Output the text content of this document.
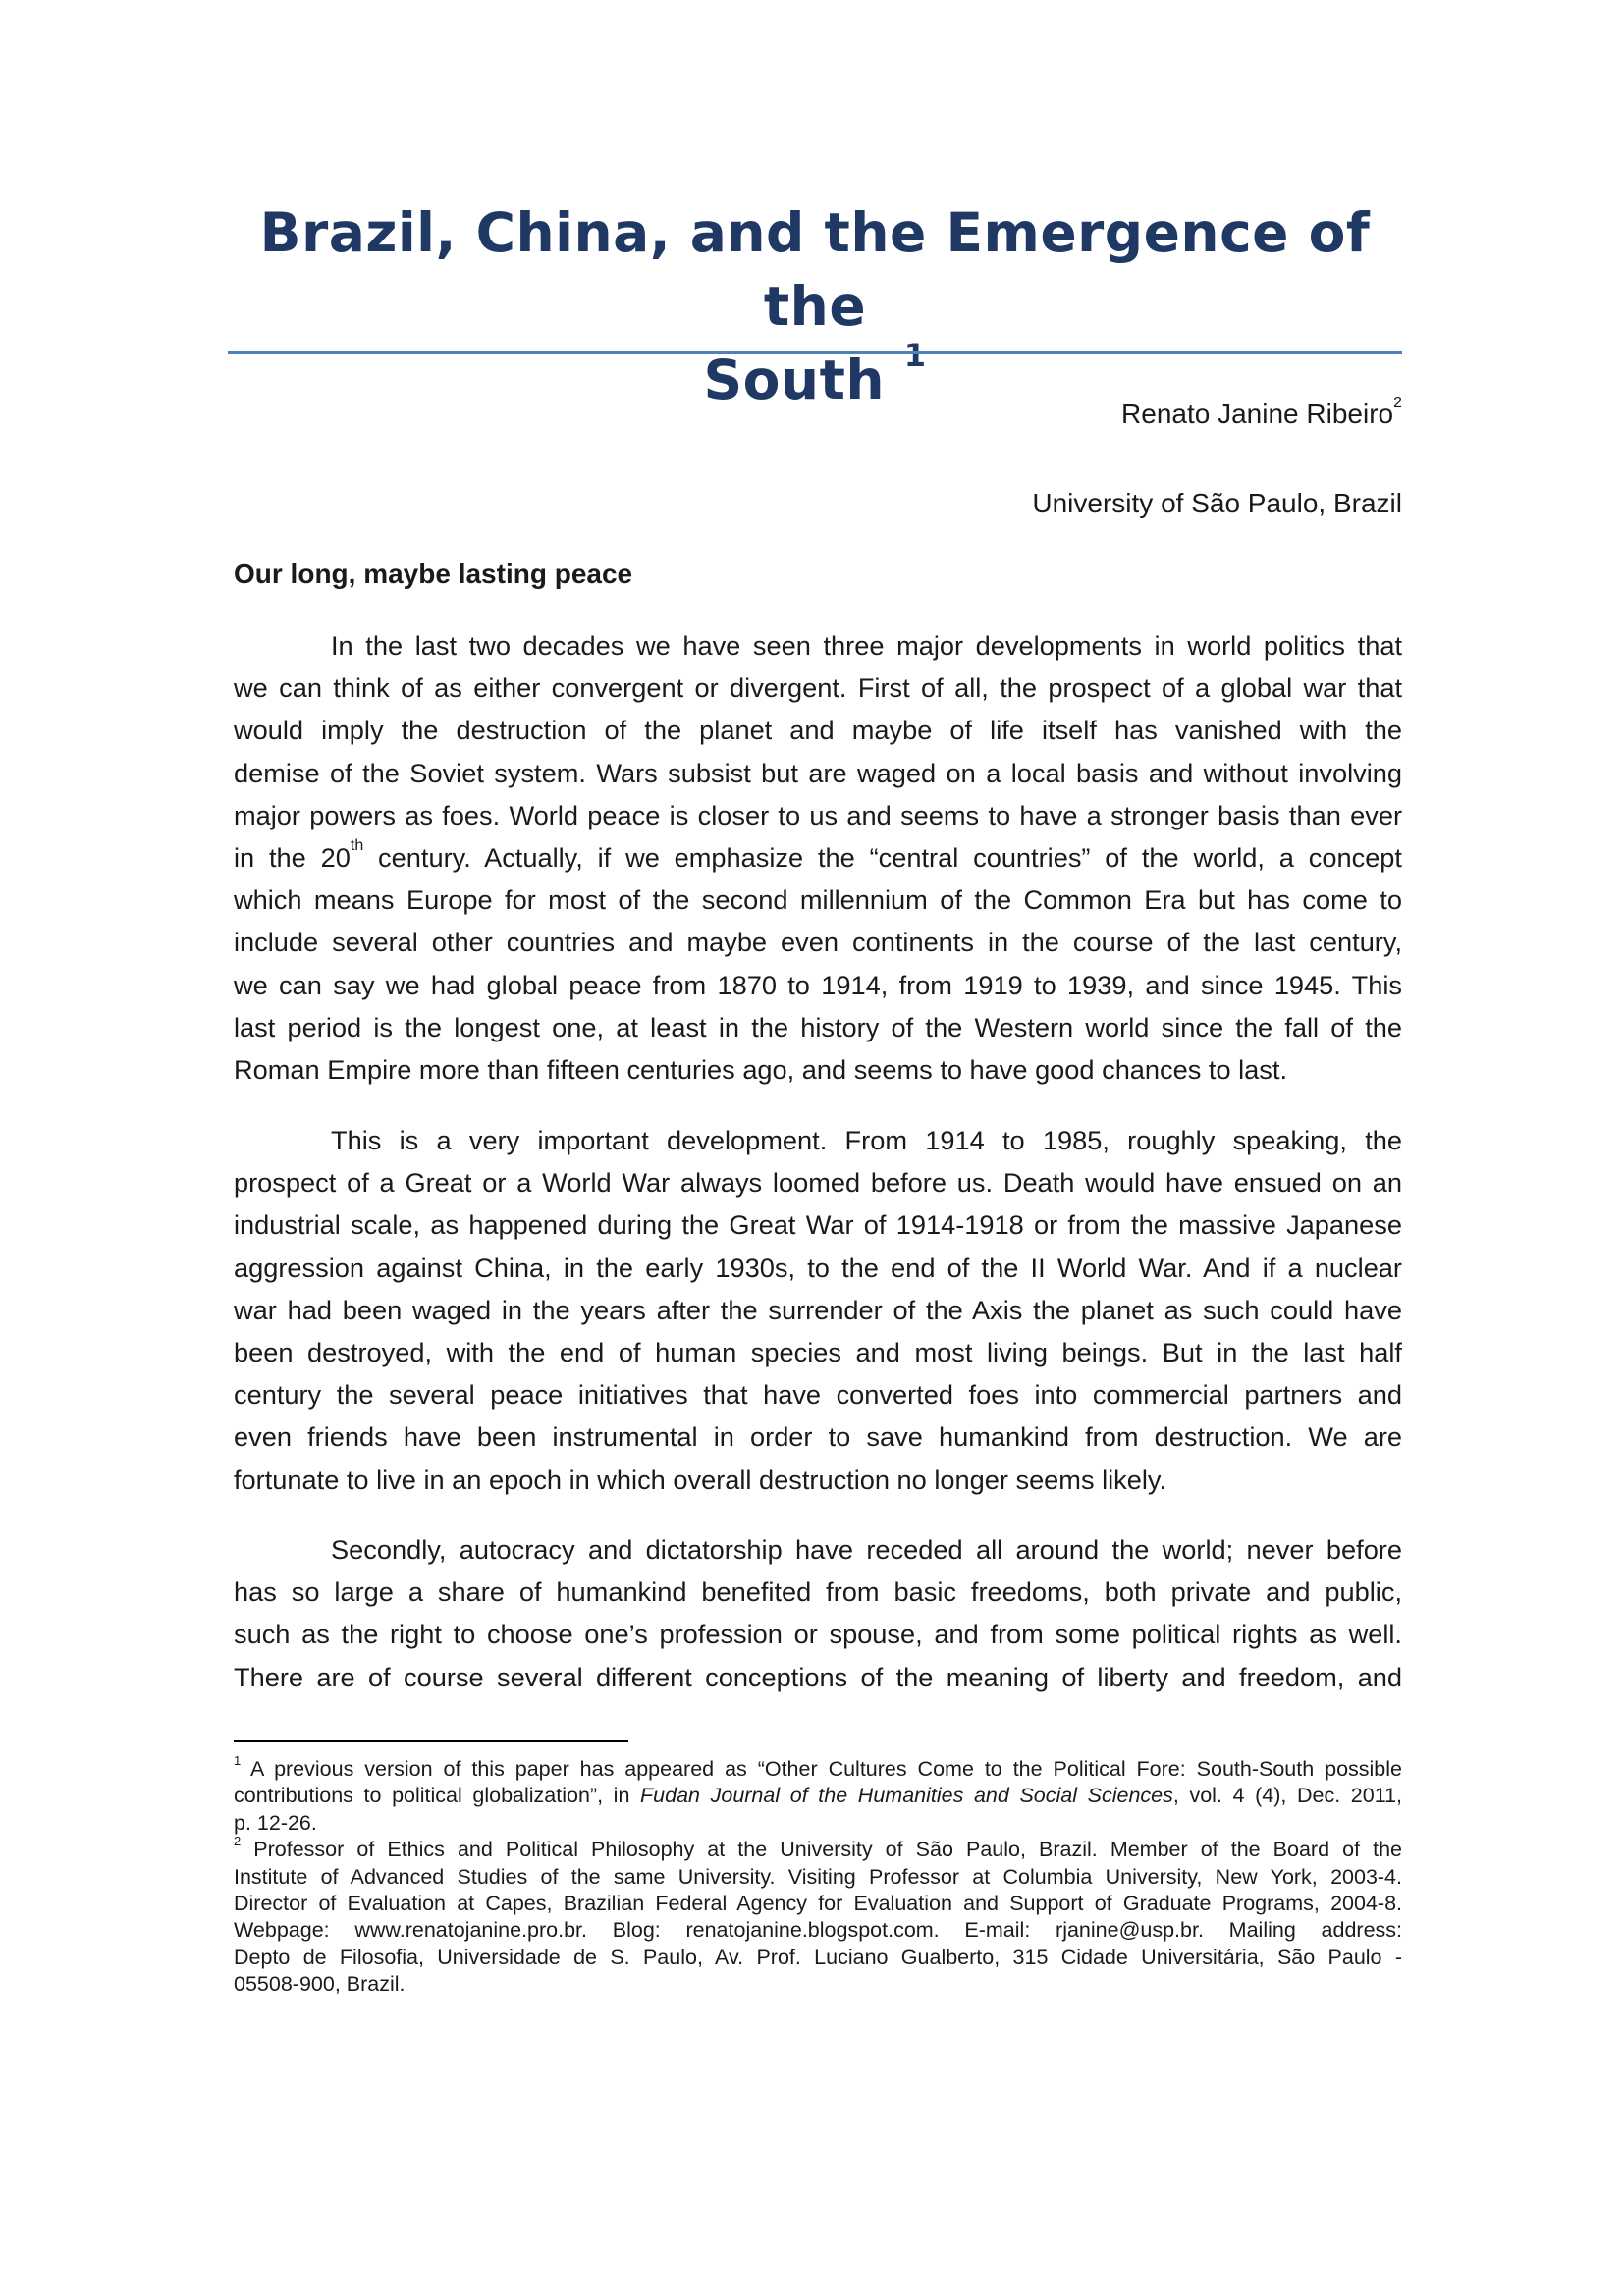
Brazil, China, and the Emergence of the
South $^1$
Renato Janine Ribeiro$^2$
University of São Paulo, Brazil
Our long, maybe lasting peace

In the last two decades we have seen three major developments in world politics that
we can think of as either convergent or divergent. First of all, the prospect of a global war that
would imply the destruction of the planet and maybe of life itself has vanished with the
demise of the Soviet system. Wars subsist but are waged on a local basis and without involving
major powers as foes. World peace is closer to us and seems to have a stronger basis than ever
in the 20th century. Actually, if we emphasize the “central countries” of the world, a concept
which means Europe for most of the second millennium of the Common Era but has come to
include several other countries and maybe even continents in the course of the last century,
we can say we had global peace from 1870 to 1914, from 1919 to 1939, and since 1945. This
last period is the longest one, at least in the history of the Western world since the fall of the
Roman Empire more than fifteen centuries ago, and seems to have good chances to last.

This is a very important development. From 1914 to 1985, roughly speaking, the
prospect of a Great or a World War always loomed before us. Death would have ensued on an
industrial scale, as happened during the Great War of 1914-1918 or from the massive Japanese
aggression against China, in the early 1930s, to the end of the II World War. And if a nuclear
war had been waged in the years after the surrender of the Axis the planet as such could have
been destroyed, with the end of human species and most living beings. But in the last half
century the several peace initiatives that have converted foes into commercial partners and
even friends have been instrumental in order to save humankind from destruction. We are
fortunate to live in an epoch in which overall destruction no longer seems likely.

Secondly, autocracy and dictatorship have receded all around the world; never before
has so large a share of humankind benefited from basic freedoms, both private and public,
such as the right to choose one’s profession or spouse, and from some political rights as well.
There are of course several different conceptions of the meaning of liberty and freedom, and

$^1$ A previous version of this paper has appeared as “Other Cultures Come to the Political Fore: South-South possible
contributions to political globalization”, in Fudan Journal of the Humanities and Social Sciences, vol. 4 (4), Dec. 2011,
p. 12-26.

$^2$ Professor of Ethics and Political Philosophy at the University of São Paulo, Brazil. Member of the Board of the
Institute of Advanced Studies of the same University. Visiting Professor at Columbia University, New York, 2003-4.
Director of Evaluation at Capes, Brazilian Federal Agency for Evaluation and Support of Graduate Programs, 2004-8.
Webpage: www.renatojanine.pro.br. Blog: renatojanine.blogspot.com. E-mail: rjanine@usp.br. Mailing address:
Depto de Filosofia, Universidade de S. Paulo, Av. Prof. Luciano Gualberto, 315 Cidade Universitária, São Paulo -
05508-900, Brazil.
